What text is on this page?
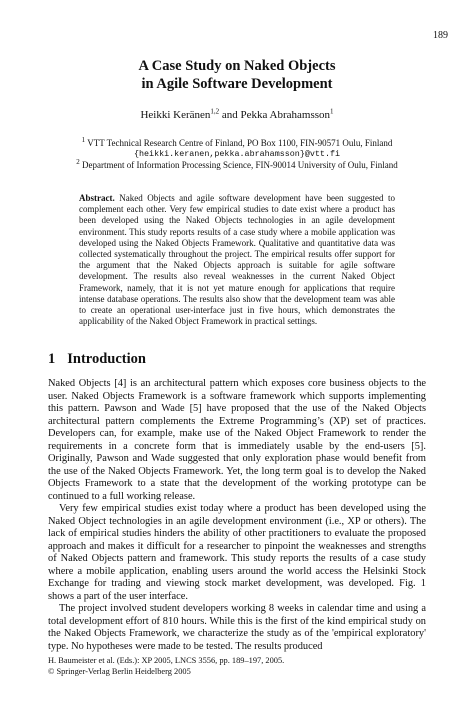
189
A Case Study on Naked Objects
in Agile Software Development
Heikki Keränen$^{1,2}$ and Pekka Abrahamsson$^1$
$^1$ VTT Technical Research Centre of Finland, PO Box 1100, FIN-90571 Oulu, Finland
{heikki.keranen,pekka.abrahamsson}@vtt.fi
$^2$ Department of Information Processing Science, FIN-90014 University of Oulu, Finland
Abstract. Naked Objects and agile software development have been suggested to complement each other. Very few empirical studies to date exist where a product has been developed using the Naked Objects technologies in an agile development environment. This study reports results of a case study where a mobile application was developed using the Naked Objects Framework. Qualitative and quantitative data was collected systematically throughout the project. The empirical results offer support for the argument that the Naked Objects approach is suitable for agile software development. The results also reveal weaknesses in the current Naked Object Framework, namely, that it is not yet mature enough for applications that require intense database operations. The results also show that the development team was able to create an operational user-interface just in five hours, which demonstrates the applicability of the Naked Object Framework in practical settings.
1 Introduction

Naked Objects [4] is an architectural pattern which exposes core business objects to the user. Naked Objects Framework is a software framework which supports implementing this pattern. Pawson and Wade [5] have proposed that the use of the Naked Objects architectural pattern complements the Extreme Programming’s (XP) set of practices. Developers can, for example, make use of the Naked Object Framework to render the requirements in a concrete form that is immediately usable by the end-users [5]. Originally, Pawson and Wade suggested that only exploration phase would benefit from the use of the Naked Objects Framework. Yet, the long term goal is to develop the Naked Objects Framework to a state that the development of the working prototype can be continued to a full working release.

Very few empirical studies exist today where a product has been developed using the Naked Object technologies in an agile development environment (i.e., XP or others). The lack of empirical studies hinders the ability of other practitioners to evaluate the proposed approach and makes it difficult for a researcher to pinpoint the weaknesses and strengths of Naked Objects pattern and framework. This study reports the results of a case study where a mobile application, enabling users around the world access the Helsinki Stock Exchange for trading and viewing stock market development, was developed. Fig. 1 shows a part of the user interface.

The project involved student developers working 8 weeks in calendar time and using a total development effort of 810 hours. While this is the first of the kind empirical study on the Naked Objects Framework, we characterize the study as of the 'empirical exploratory' type. No hypotheses were made to be tested. The results produced

H. Baumeister et al. (Eds.): XP 2005, LNCS 3556, pp. 189–197, 2005.
© Springer-Verlag Berlin Heidelberg 2005
